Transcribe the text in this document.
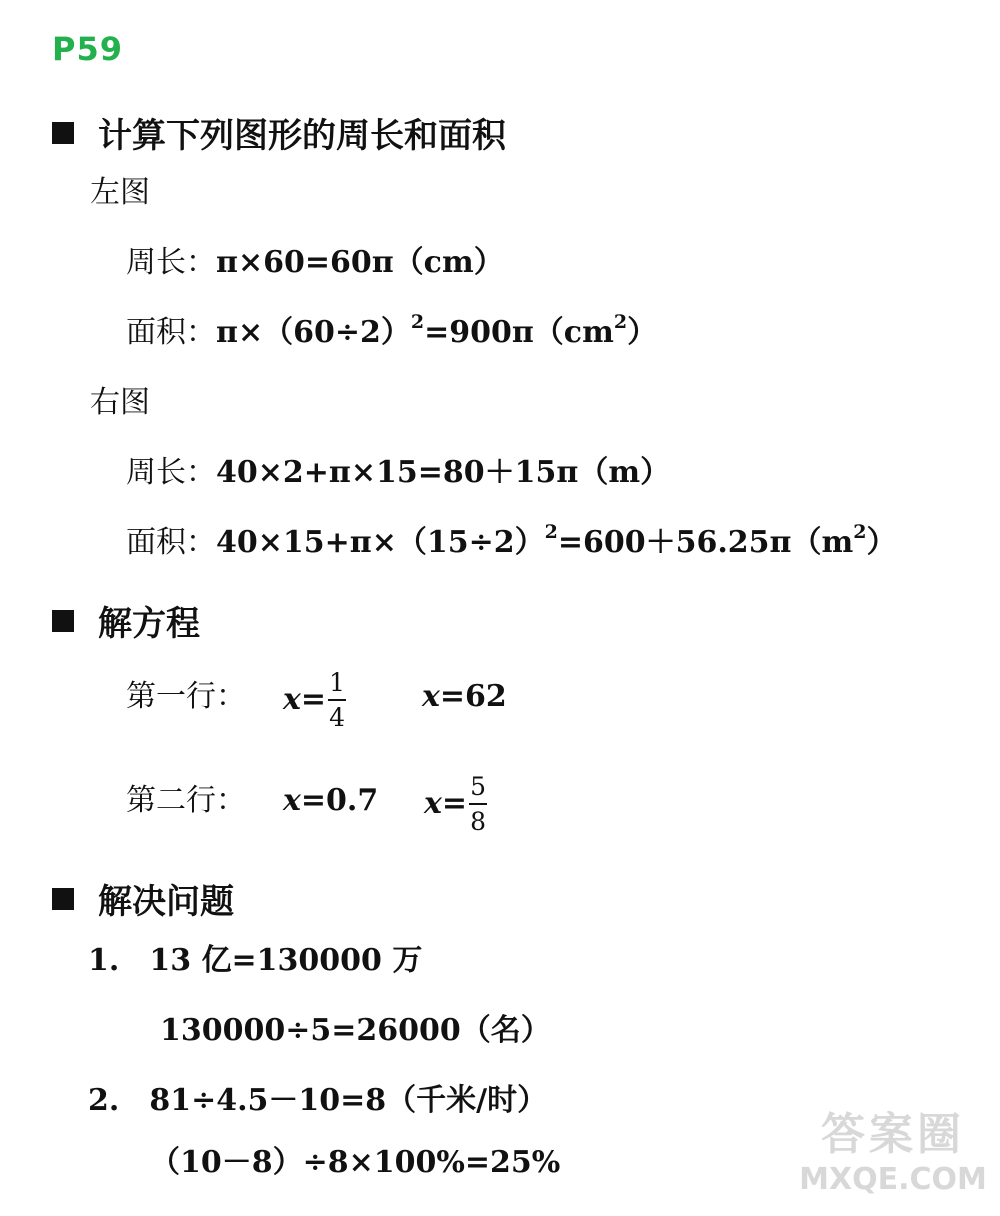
P59
计算下列图形的周长和面积
左图
周长：π×60=60π（cm）
面积：$\pi\times(60\div 2)^2=900\pi(cm^2)$
右图
周长：40×2+π×15=80＋15π（m）
面积：$40\times 15+\pi\times(15\div 2)^2=600+56.25\pi(m^2)$
解方程
第一行： $x = \frac{1}{4}$	x=62
第二行： x=0.7 $x = \frac{5}{8}$
解决问题
1.　13 亿=130000 万
130000÷5=26000（名）
2.　81÷4.5－10=8（千米/时）
（10－8）÷8×100%=25%
答案圈
MXQE.COM
